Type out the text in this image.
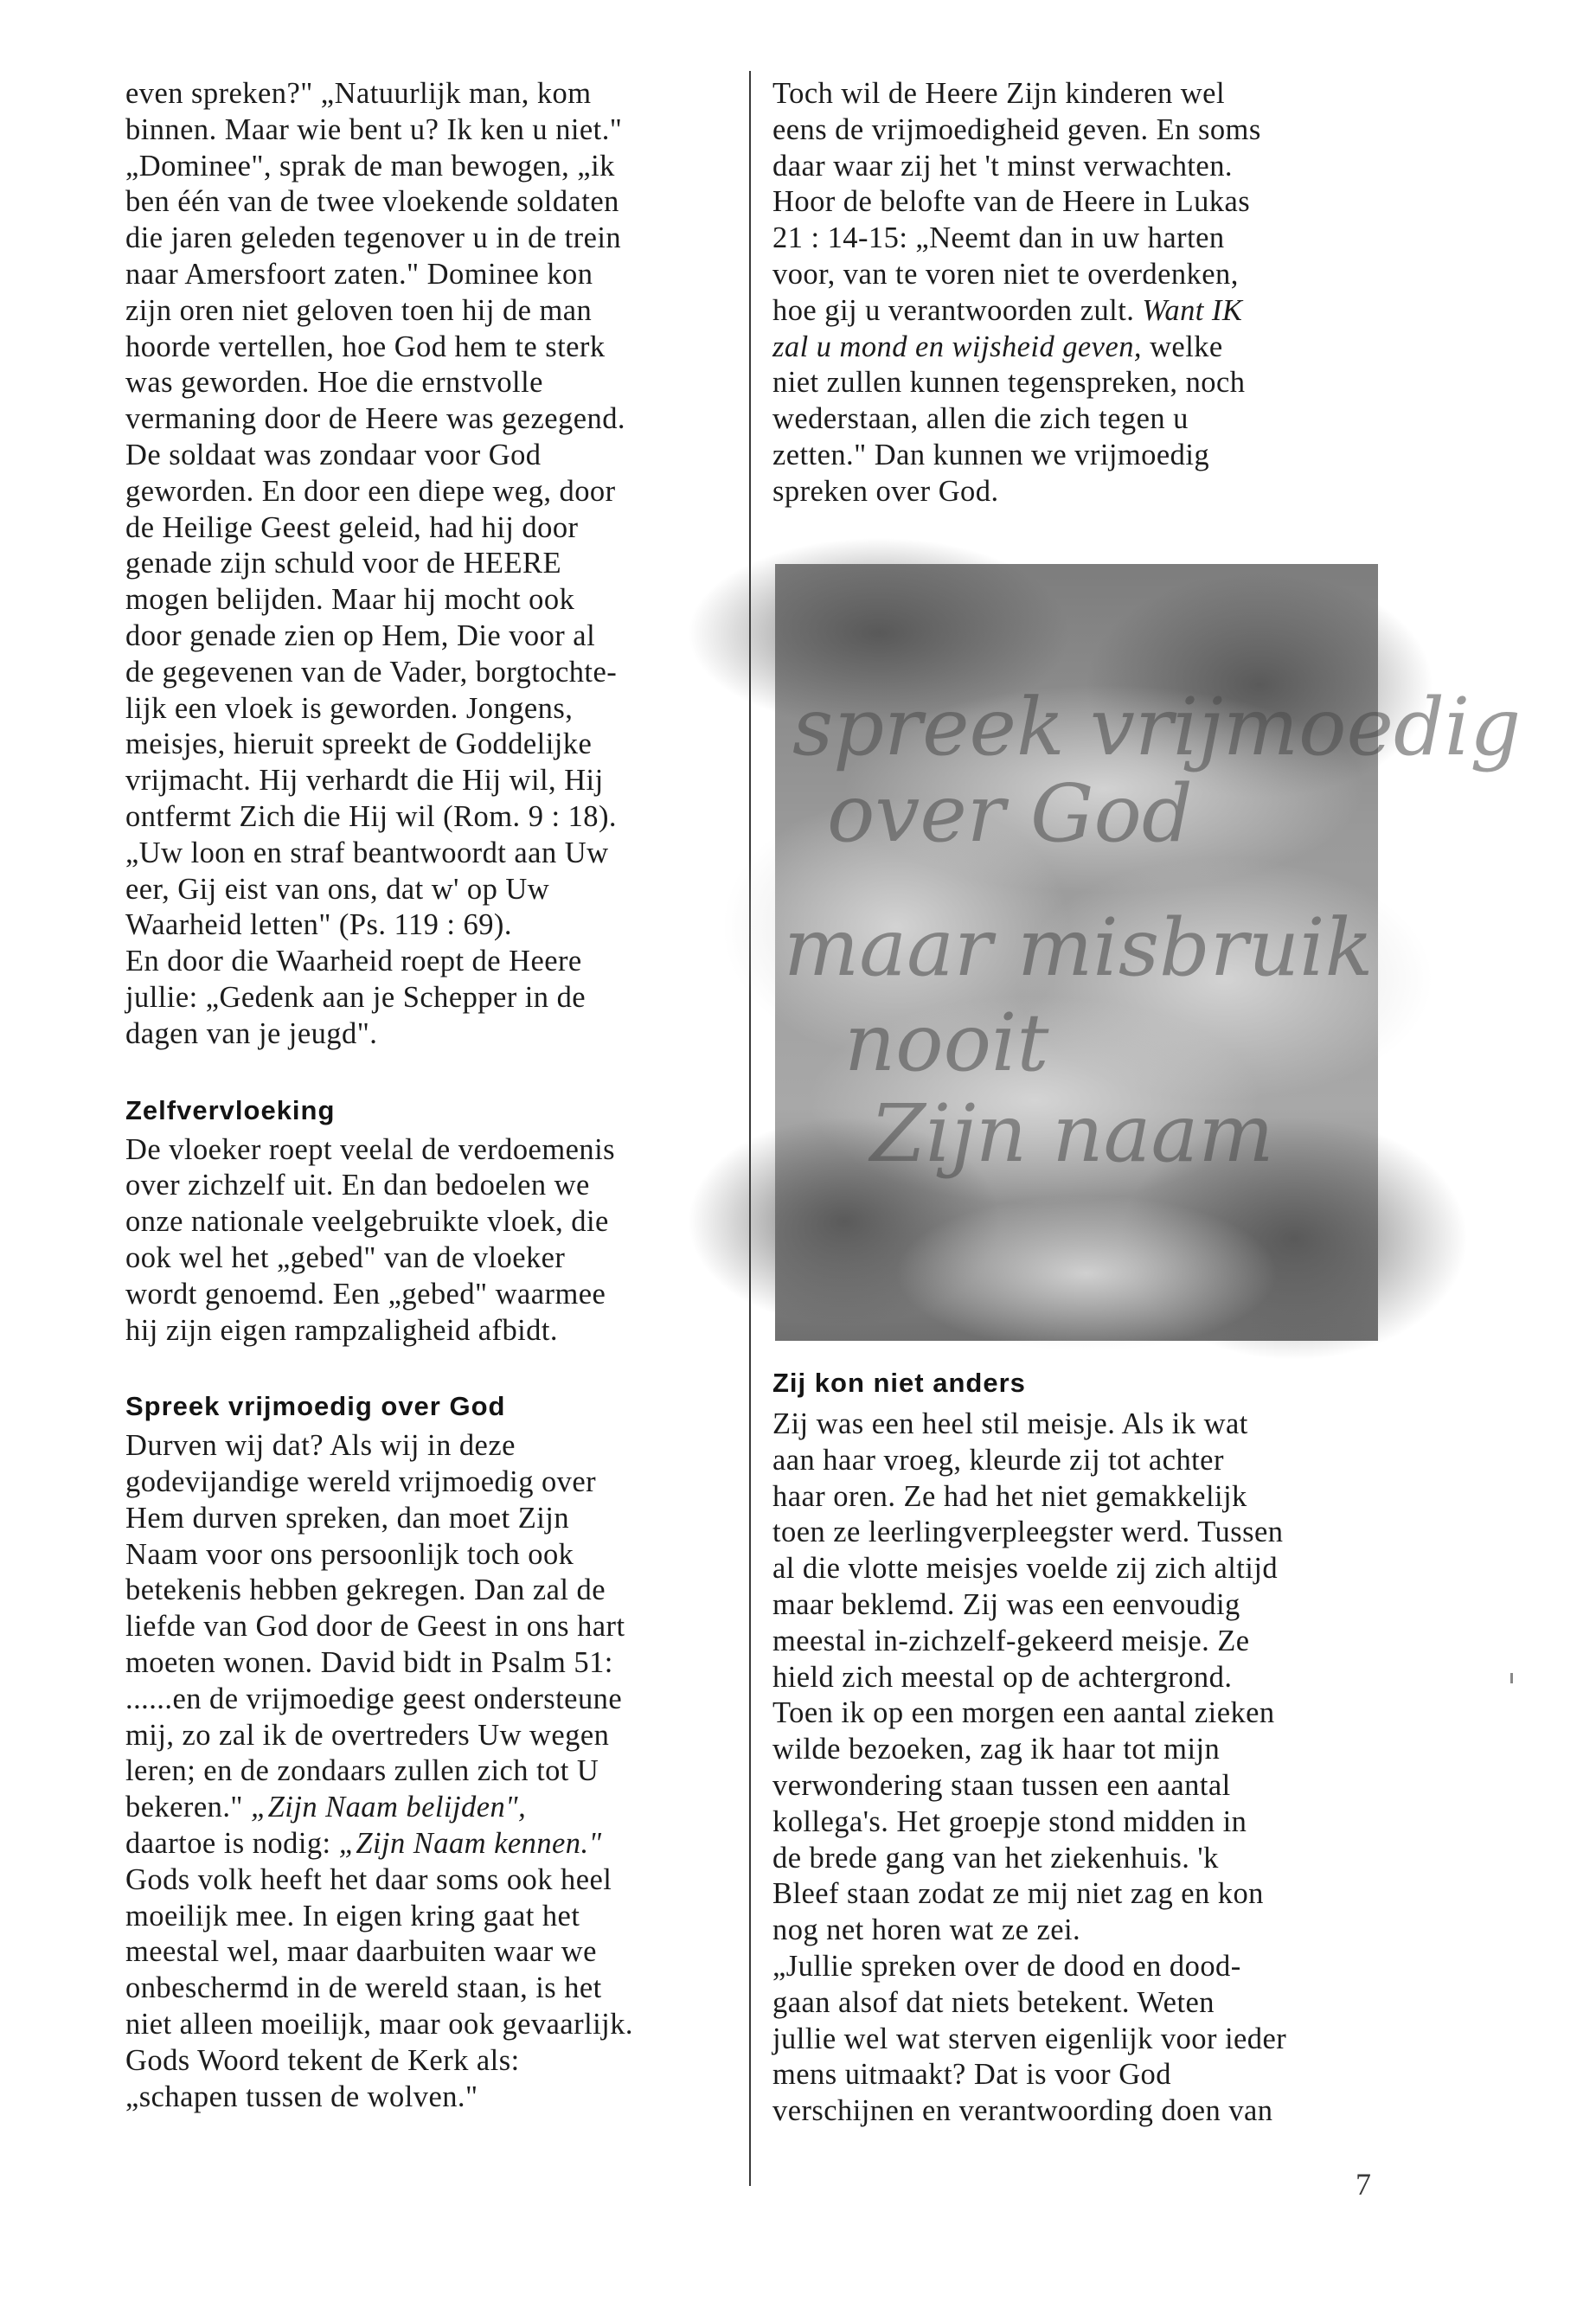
even spreken?" „Natuurlijk man, kom
binnen. Maar wie bent u? Ik ken u niet."
„Dominee", sprak de man bewogen, „ik
ben één van de twee vloekende soldaten
die jaren geleden tegenover u in de trein
naar Amersfoort zaten." Dominee kon
zijn oren niet geloven toen hij de man
hoorde vertellen, hoe God hem te sterk
was geworden. Hoe die ernstvolle
vermaning door de Heere was gezegend.
De soldaat was zondaar voor God
geworden. En door een diepe weg, door
de Heilige Geest geleid, had hij door
genade zijn schuld voor de HEERE
mogen belijden. Maar hij mocht ook
door genade zien op Hem, Die voor al
de gegevenen van de Vader, borgtochte-
lijk een vloek is geworden. Jongens,
meisjes, hieruit spreekt de Goddelijke
vrijmacht. Hij verhardt die Hij wil, Hij
ontfermt Zich die Hij wil (Rom. 9 : 18).
„Uw loon en straf beantwoordt aan Uw
eer, Gij eist van ons, dat w' op Uw
Waarheid letten" (Ps. 119 : 69).
En door die Waarheid roept de Heere
jullie: „Gedenk aan je Schepper in de
dagen van je jeugd".

Zelfvervloeking

De vloeker roept veelal de verdoemenis
over zichzelf uit. En dan bedoelen we
onze nationale veelgebruikte vloek, die
ook wel het „gebed" van de vloeker
wordt genoemd. Een „gebed" waarmee
hij zijn eigen rampzaligheid afbidt.

Spreek vrijmoedig over God
Durven wij dat? Als wij in deze
godevijandige wereld vrijmoedig over
Hem durven spreken, dan moet Zijn
Naam voor ons persoonlijk toch ook
betekenis hebben gekregen. Dan zal de
liefde van God door de Geest in ons hart
moeten wonen. David bidt in Psalm 51:
......en de vrijmoedige geest ondersteune
mij, zo zal ik de overtreders Uw wegen
leren; en de zondaars zullen zich tot U
bekeren." „Zijn Naam belijden",
daartoe is nodig: „Zijn Naam kennen."
Gods volk heeft het daar soms ook heel
moeilijk mee. In eigen kring gaat het
meestal wel, maar daarbuiten waar we
onbeschermd in de wereld staan, is het
niet alleen moeilijk, maar ook gevaarlijk.
Gods Woord tekent de Kerk als:
„schapen tussen de wolven."
Toch wil de Heere Zijn kinderen wel
eens de vrijmoedigheid geven. En soms
daar waar zij het 't minst verwachten.
Hoor de belofte van de Heere in Lukas
21 : 14-15: „Neemt dan in uw harten
voor, van te voren niet te overdenken,
hoe gij u verantwoorden zult. Want IK
zal u mond en wijsheid geven, welke
niet zullen kunnen tegenspreken, noch
wederstaan, allen die zich tegen u
zetten." Dan kunnen we vrijmoedig
spreken over God.
spreek vrijmoedig
over God
maar misbruik
nooit
Zijn naam
Zij kon niet anders

Zij was een heel stil meisje. Als ik wat
aan haar vroeg, kleurde zij tot achter
haar oren. Ze had het niet gemakkelijk
toen ze leerlingverpleegster werd. Tussen
al die vlotte meisjes voelde zij zich altijd
maar beklemd. Zij was een eenvoudig
meestal in-zichzelf-gekeerd meisje. Ze
hield zich meestal op de achtergrond.
Toen ik op een morgen een aantal zieken
wilde bezoeken, zag ik haar tot mijn
verwondering staan tussen een aantal
kollega's. Het groepje stond midden in
de brede gang van het ziekenhuis. 'k
Bleef staan zodat ze mij niet zag en kon
nog net horen wat ze zei.
„Jullie spreken over de dood en dood-
gaan alsof dat niets betekent. Weten
jullie wel wat sterven eigenlijk voor ieder
mens uitmaakt? Dat is voor God
verschijnen en verantwoording doen van

7
